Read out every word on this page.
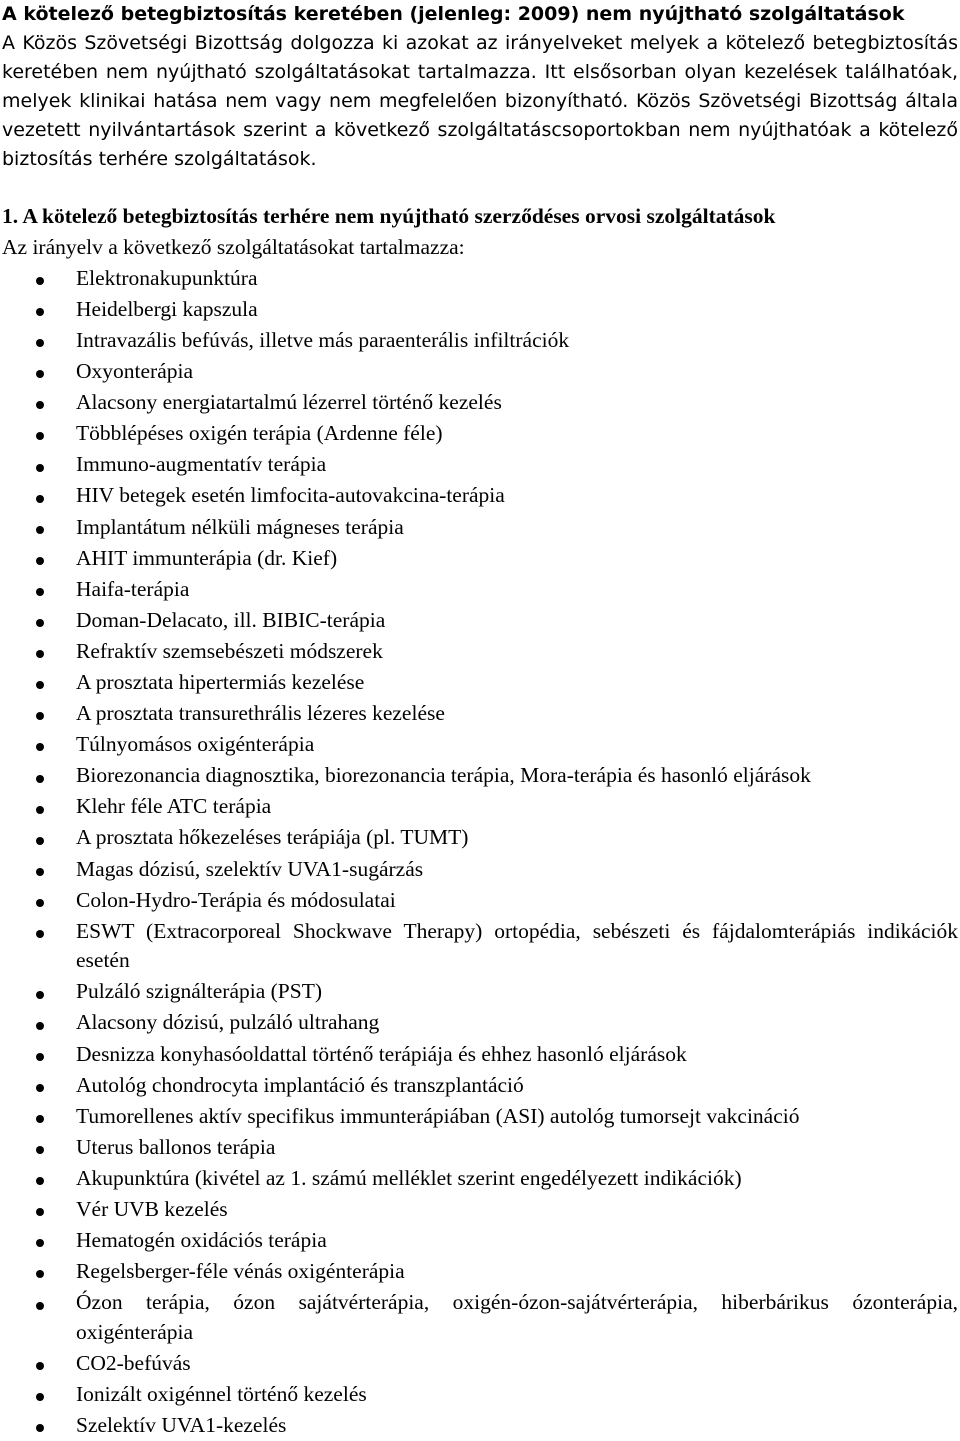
A kötelező betegbiztosítás keretében (jelenleg: 2009) nem nyújtható szolgáltatások
A Közös Szövetségi Bizottság dolgozza ki azokat az irányelveket melyek a kötelező betegbiztosítás keretében nem nyújtható szolgáltatásokat tartalmazza. Itt elsősorban olyan kezelések találhatóak, melyek klinikai hatása nem vagy nem megfelelően bizonyítható. Közös Szövetségi Bizottság általa vezetett nyilvántartások szerint a következő szolgáltatáscsoportokban nem nyújthatóak a kötelező biztosítás terhére szolgáltatások.
1. A kötelező betegbiztosítás terhére nem nyújtható szerződéses orvosi szolgáltatások
Az irányelv a következő szolgáltatásokat tartalmazza:
Elektronakupunktúra
Heidelbergi kapszula
Intravazális befúvás, illetve más paraenterális infiltrációk
Oxyonterápia
Alacsony energiatartalmú lézerrel történő kezelés
Többlépéses oxigén terápia (Ardenne féle)
Immuno-augmentatív terápia
HIV betegek esetén limfocita-autovakcina-terápia
Implantátum nélküli mágneses terápia
AHIT immunterápia (dr. Kief)
Haifa-terápia
Doman-Delacato, ill. BIBIC-terápia
Refraktív szemsebészeti módszerek
A prosztata hipertermiás kezelése
A prosztata transurethrális lézeres kezelése
Túlnyomásos oxigénterápia
Biorezonancia diagnosztika, biorezonancia terápia, Mora-terápia és hasonló eljárások
Klehr féle ATC terápia
A prosztata hőkezeléses terápiája (pl. TUMT)
Magas dózisú, szelektív UVA1-sugárzás
Colon-Hydro-Terápia és módosulatai
ESWT (Extracorporeal Shockwave Therapy) ortopédia, sebészeti és fájdalomterápiás indikációk esetén
Pulzáló szignálterápia (PST)
Alacsony dózisú, pulzáló ultrahang
Desnizza konyhasóoldattal történő terápiája és ehhez hasonló eljárások
Autológ chondrocyta implantáció és transzplantáció
Tumorellenes aktív specifikus immunterápiában (ASI) autológ tumorsejt vakcináció
Uterus ballonos terápia
Akupunktúra (kivétel az 1. számú melléklet szerint engedélyezett indikációk)
Vér UVB kezelés
Hematogén oxidációs terápia
Regelsberger-féle vénás oxigénterápia
Ózon terápia, ózon sajátvérterápia, oxigén-ózon-sajátvérterápia, hiberbárikus ózonterápia, oxigénterápia
CO2-befúvás
Ionizált oxigénnel történő kezelés
Szelektív UVA1-kezelés
